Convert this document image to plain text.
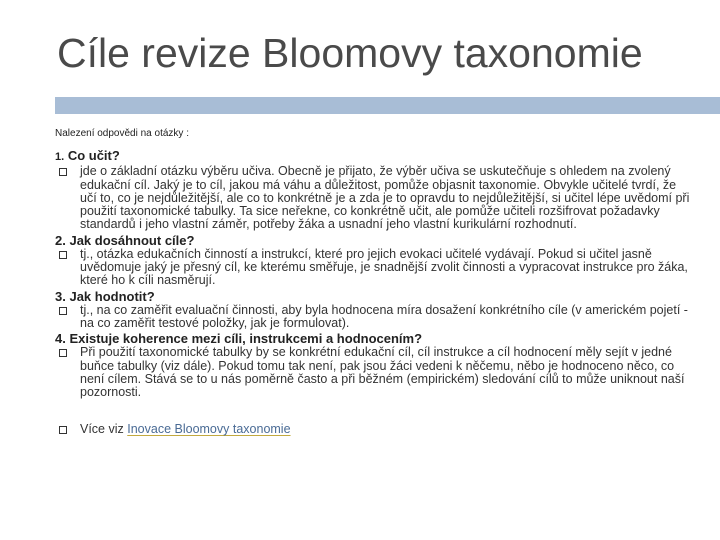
Cíle revize Bloomovy taxonomie
Nalezení odpovědi na otázky :
1. Co učit?

jde o základní otázku výběru učiva. Obecně je přijato, že výběr učiva se uskutečňuje s ohledem na zvolený edukační cíl. Jaký je to cíl, jakou má váhu a důležitost, pomůže objasnit taxonomie. Obvykle učitelé tvrdí, že učí to, co je nejdůležitější, ale co to konkrétně je a zda je to opravdu to nejdůležitější, si učitel lépe uvědomí při použití taxonomické tabulky. Ta sice neřekne, co konkrétně učit, ale pomůže učiteli rozšifrovat požadavky standardů i jeho vlastní záměr, potřeby žáka a usnadní jeho vlastní kurikulární rozhodnutí.

2. Jak dosáhnout cíle?

tj., otázka edukačních činností a instrukcí, které pro jejich evokaci učitelé vydávají. Pokud si učitel jasně uvědomuje jaký je přesný cíl, ke kterému směřuje, je snadnější zvolit činnosti a vypracovat instrukce pro žáka, které ho k cíli nasměrují.

3. Jak hodnotit?

tj., na co zaměřit evaluační činnosti, aby byla hodnocena míra dosažení konkrétního cíle (v americkém pojetí - na co zaměřit testové položky, jak je formulovat).

4. Existuje koherence mezi cíli, instrukcemi a hodnocením?

Při použití taxonomické tabulky by se konkrétní edukační cíl, cíl instrukce a cíl hodnocení měly sejít v jedné buňce tabulky (viz dále). Pokud tomu tak není, pak jsou žáci vedeni k něčemu, něbo je hodnoceno něco, co není cílem. Stává se to u nás poměrně často a při běžném (empirickém) sledování cílů to může uniknout naší pozornosti.

Více viz Inovace Bloomovy taxonomie
